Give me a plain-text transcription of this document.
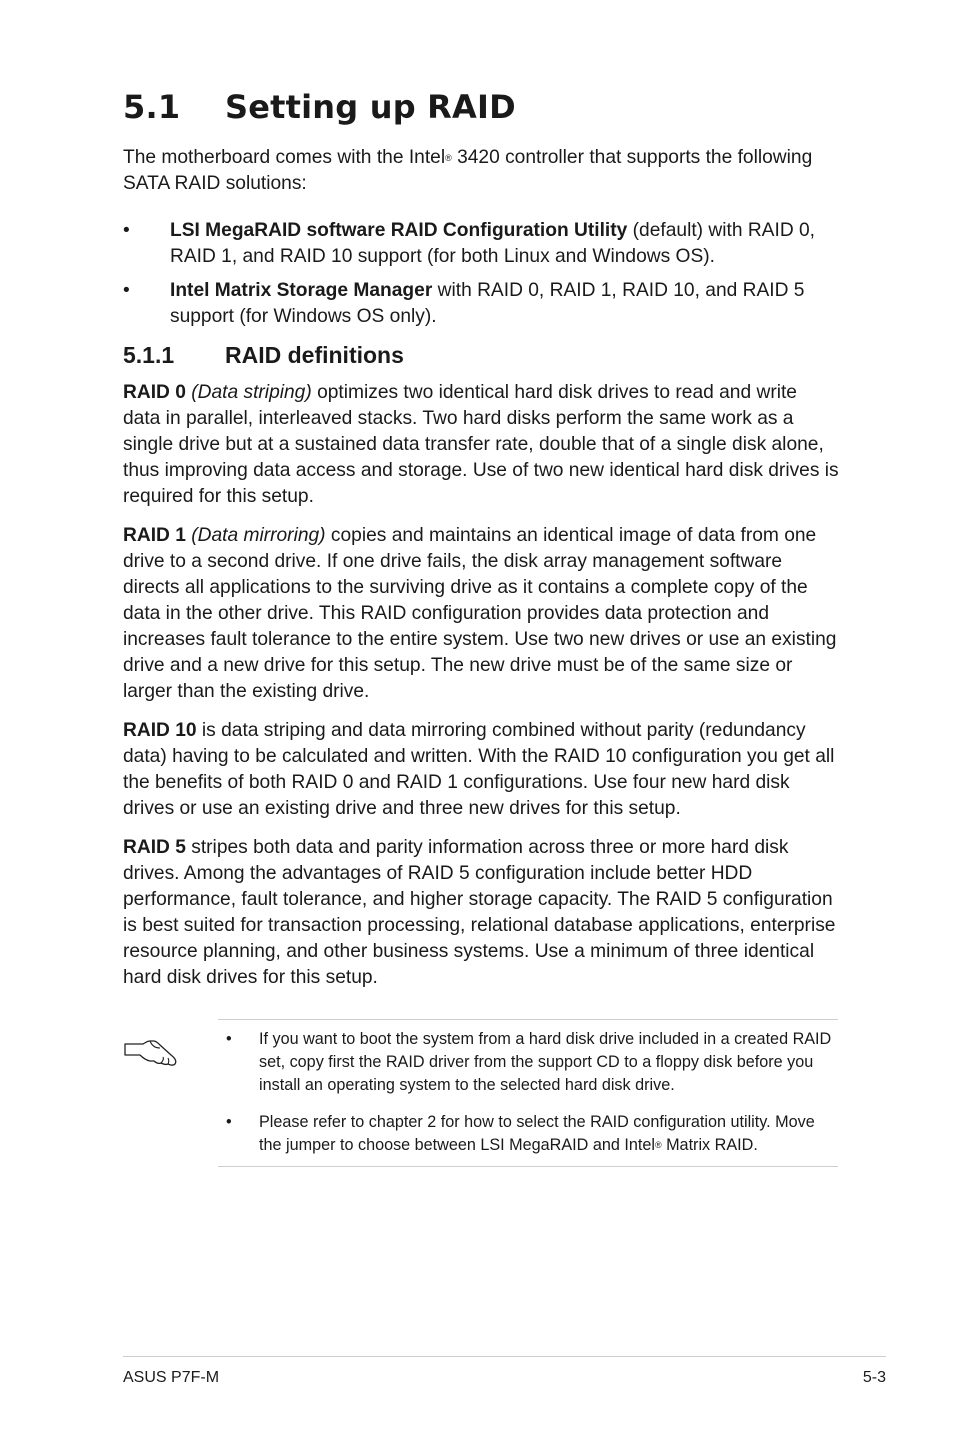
5.1 Setting up RAID
The motherboard comes with the Intel® 3420 controller that supports the following SATA RAID solutions:
• LSI MegaRAID software RAID Configuration Utility (default) with RAID 0, RAID 1, and RAID 10 support (for both Linux and Windows OS).
• Intel Matrix Storage Manager with RAID 0, RAID 1, RAID 10, and RAID 5 support (for Windows OS only).
5.1.1 RAID definitions

RAID 0 (Data striping) optimizes two identical hard disk drives to read and write data in parallel, interleaved stacks. Two hard disks perform the same work as a single drive but at a sustained data transfer rate, double that of a single disk alone, thus improving data access and storage. Use of two new identical hard disk drives is required for this setup.

RAID 1 (Data mirroring) copies and maintains an identical image of data from one drive to a second drive. If one drive fails, the disk array management software directs all applications to the surviving drive as it contains a complete copy of the data in the other drive. This RAID configuration provides data protection and increases fault tolerance to the entire system. Use two new drives or use an existing drive and a new drive for this setup. The new drive must be of the same size or larger than the existing drive.

RAID 10 is data striping and data mirroring combined without parity (redundancy data) having to be calculated and written. With the RAID 10 configuration you get all the benefits of both RAID 0 and RAID 1 configurations. Use four new hard disk drives or use an existing drive and three new drives for this setup.

RAID 5 stripes both data and parity information across three or more hard disk drives. Among the advantages of RAID 5 configuration include better HDD performance, fault tolerance, and higher storage capacity. The RAID 5 configuration is best suited for transaction processing, relational database applications, enterprise resource planning, and other business systems. Use a minimum of three identical hard disk drives for this setup.

• If you want to boot the system from a hard disk drive included in a created RAID set, copy first the RAID driver from the support CD to a floppy disk before you install an operating system to the selected hard disk drive.
• Please refer to chapter 2 for how to select the RAID configuration utility. Move the jumper to choose between LSI MegaRAID and Intel® Matrix RAID.
ASUS P7F-M	5-3
